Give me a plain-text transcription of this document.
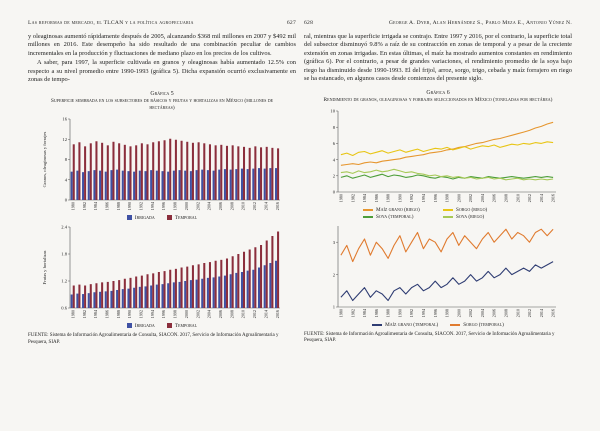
Las reformas de mercado, el TLCAN y la política agropecuaria	627

y oleaginosas aumentó rápidamente después de 2005, alcanzando $368 mil millones en 2007 y $492 mil millones en 2016. Este desempeño ha sido resultado de una combinación peculiar de cambios incrementales en la producción y fluctuaciones de mediano plazo en los precios de los cultivos.

A saber, para 1997, la superficie cultivada en granos y oleaginosas había aumentado 12.5% con respecto a su nivel promedio entre 1990-1993 (gráfica 5). Dicha expansión ocurrió exclusivamente en zonas de tempo-

Gráfica 5
Superficie sembrada en los subsectores de básicos y frutas y hortalizas en México (millones de hectáreas)
0
4
8
12
16
1980 1982 1984 1986 1988 1990 1992 1994 1996 1998 2000 2002 2004 2006 2008 2010 2012 2014 2016
Granos, oleaginosas y forrajes
Irrigada	Temporal
0.6
1.2
1.8
2.4
1980 1982 1984 1986 1988 1990 1992 1994 1996 1998 2000 2002 2004 2006 2008 2010 2012 2014 2016
Frutas y hortalizas
Irrigada	Temporal
FUENTE: Sistema de Información Agroalimentaria de Consulta, SIACON. 2017, Servicio de Información Agroalimentaria y Pesquera, SIAP.
628	George A. Dyer, Alan Hernández S., Pablo Meza E., Antonio Yúnez N.

ral, mientras que la superficie irrigada se contrajo. Entre 1997 y 2016, por el contrario, la superficie total del subsector disminuyó 9.8% a raíz de su contracción en zonas de temporal y a pesar de la creciente extensión en zonas irrigadas. En estas últimas, el maíz ha mostrado aumentos constantes en rendimiento (gráfica 6). Por el contrario, a pesar de grandes variaciones, el rendimiento promedio de la soya bajo riego ha disminuido desde 1990-1993. El del frijol, arroz, sorgo, trigo, cebada y maíz forrajero en riego se ha estancado, en algunos casos desde comienzos del presente siglo.

Gráfica 6
Rendimiento de granos, oleaginosas y forrajes seleccionados en México (toneladas por hectárea)
0
2
4
6
8
10
1980 1982 1984 1986 1988 1990 1992 1994 1996 1998 2000 2002 2004 2006 2008 2010 2012 2014 2016
Maíz grano (riego)	Sorgo (riego)
Soya (temporal)	Soya (riego)
1
2
3
1980 1982 1984 1986 1988 1990 1992 1994 1996 1998 2000 2002 2004 2006 2008 2010 2012 2014 2016
Maíz grano (temporal)	Sorgo (temporal)
FUENTE: Sistema de Información Agroalimentaria de Consulta, SIACON. 2017, Servicio de Información Agroalimentaria y Pesquera, SIAP.
